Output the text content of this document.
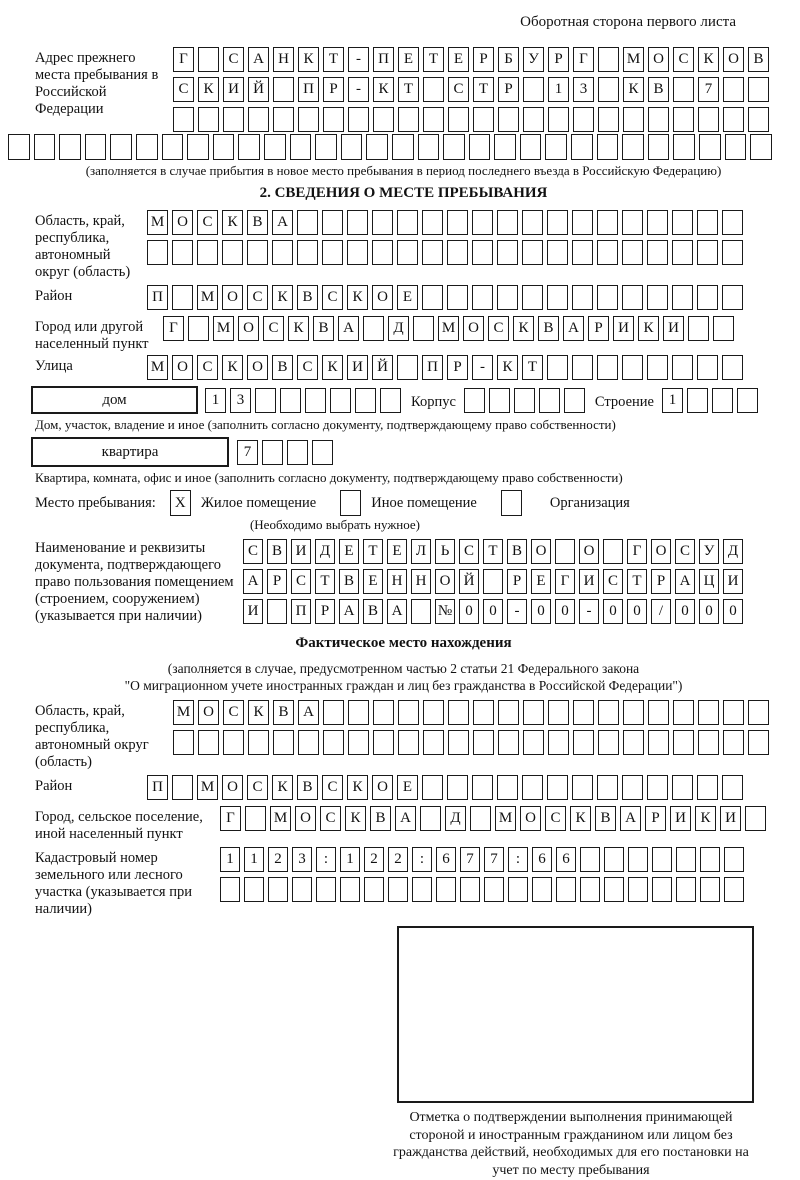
Оборотная сторона первого листа
Адрес прежнего места пребывания в Российской Федерации
Г	С А Н К	Т	-	П Е	Т	Е	Р	Б	У	Р	Г	М О С К О В
С К И Й	П	Р	-	К	Т	С	Т	Р	1	3	К В	7
(заполняется в случае прибытия в новое место пребывания в период последнего въезда в Российскую Федерацию)
2. СВЕДЕНИЯ О МЕСТЕ ПРЕБЫВАНИЯ
Область, край, республика, автономный округ (область)
М О С К В А
Район	П	М О С К В С К О Е
Город или другой населенный пункт
Г	М О С К В А	Д	М О С К В А	Р	И К И
Улица	М О С К О В С К И Й	П	Р	-	К	Т
дом	1	3	Корпус	Строение 1
Дом, участок, владение и иное (заполнить согласно документу, подтверждающему право собственности)
квартира	7
Квартира, комната, офис и иное (заполнить согласно документу, подтверждающему право собственности)
Место пребывания:	X	Жилое помещение	Иное помещение	Организация
(Необходимо выбрать нужное)
Наименование и реквизиты документа, подтверждающего право пользования помещением (строением, сооружением) (указывается при наличии)
С В И Д Е Т Е Л Ь С Т В О	О	Г О С У Д
А Р С Т В Е Н Н О Й	Р	Е	Г И С Т	Р А Ц И
И	П Р А В А	№ 0	0	-	0	0	-	0	0	/	0	0	0
Фактическое место нахождения
(заполняется в случае, предусмотренном частью 2 статьи 21 Федерального закона
"О миграционном учете иностранных граждан и лиц без гражданства в Российской Федерации")
Область, край, республика, автономный округ (область)
М О С К В А
Район	П	М О С К В С К О Е
Город, сельское поселение, иной населенный пункт
Г	М О С К В А	Д	М О С К В А	Р	И К И
Кадастровый номер земельного или лесного участка (указывается при наличии)
1	1	2	3	:	1	2	2	:	6	7	7	:	6	6
Отметка о подтверждении выполнения принимающей стороной и иностранным гражданином или лицом без гражданства действий, необходимых для его постановки на учет по месту пребывания
